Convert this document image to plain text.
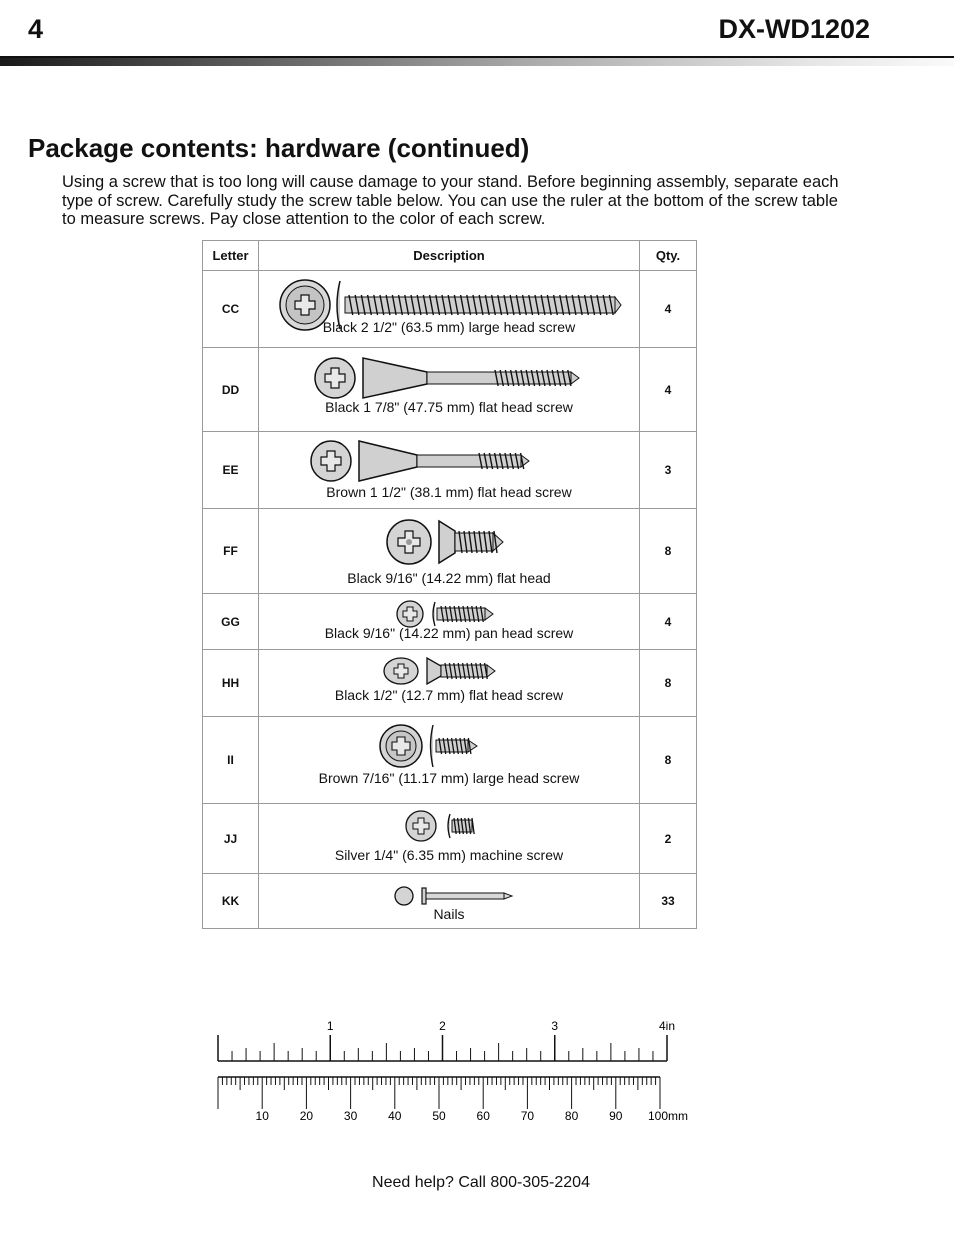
4	DX-WD1202
Package contents: hardware (continued)

Using a screw that is too long will cause damage to your stand. Before beginning assembly, separate each type of screw. Carefully study the screw table below. You can use the ruler at the bottom of the screw table to measure screws. Pay close attention to the color of each screw.

Letter	Description	Qty.
CC	Black 2 1/2" (63.5 mm) large head screw	4
DD	Black 1 7/8" (47.75 mm) flat head screw	4
EE	Brown 1 1/2" (38.1 mm) flat head screw	3
FF	Black 9/16" (14.22 mm) flat head	8
GG	Black 9/16" (14.22 mm) pan head screw	4
HH	Black 1/2" (12.7 mm) flat head screw	8
II	Brown 7/16" (11.17 mm) large head screw	8
JJ	Silver 1/4" (6.35 mm) machine screw	2
KK	Nails	33
1	2	3	4in
10	20	30	40	50	60	70	80	90 100mm
Need help? Call 800-305-2204
